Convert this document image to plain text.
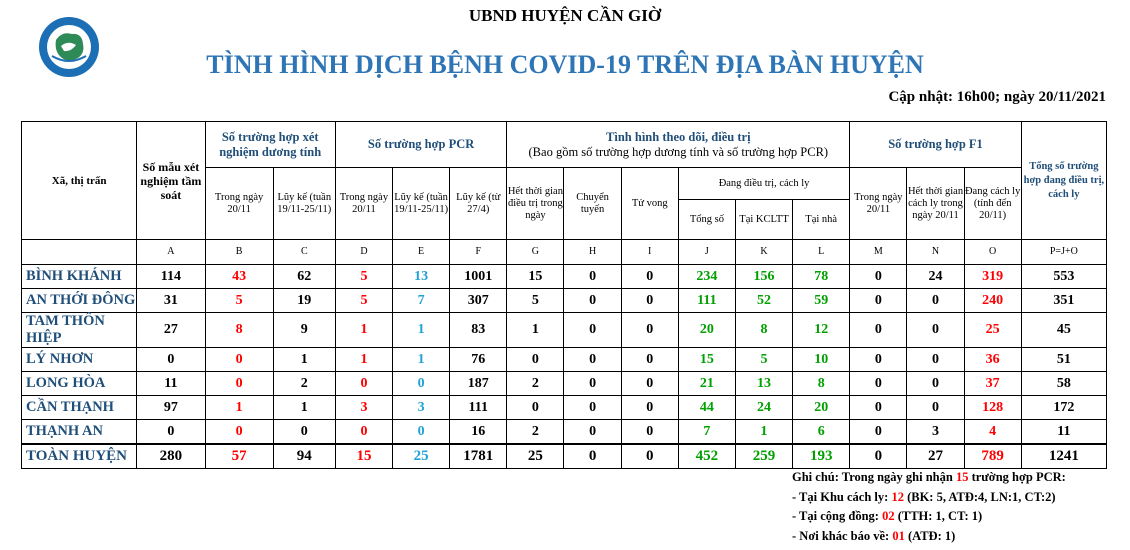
UBND HUYỆN CẦN GIỜ
TÌNH HÌNH DỊCH BỆNH COVID-19 TRÊN ĐỊA BÀN HUYỆN
Cập nhật: 16h00; ngày 20/11/2021
Xã, thị trấn	Số mẫu xét nghiệm tầm soát	Số trường hợp xét nghiệm dương tính		Số trường hợp PCR			Tình hình theo dõi, điều trị
(Bao gồm số trường hợp dương tính và số trường hợp PCR)						Số trường hợp F1			Tổng số trường hợp đang điều trị, cách ly
		Trong ngày 20/11	Lũy kế (tuần 19/11-25/11)	Trong ngày 20/11	Lũy kế (tuần 19/11-25/11)	Lũy kế (từ 27/4)	Hết thời gian điều trị trong ngày	Chuyển tuyến	Tử vong	Đang điều trị, cách ly			Trong ngày 20/11	Hết thời gian cách ly trong ngày 20/11	Đang cách ly (tính đến 20/11)	
										Tổng số	Tại KCLTT	Tại nhà				
	A	B	C	D	E	F	G	H	I	J	K	L	M	N	O	P=J+O
BÌNH KHÁNH	114	43	62	5	13	1001	15	0	0	234	156	78	0	24	319	553
AN THỚI ĐÔNG	31	5	19	5	7	307	5	0	0	111	52	59	0	0	240	351
TAM THÔN HIỆP	27	8	9	1	1	83	1	0	0	20	8	12	0	0	25	45
LÝ NHƠN	0	0	1	1	1	76	0	0	0	15	5	10	0	0	36	51
LONG HÒA	11	0	2	0	0	187	2	0	0	21	13	8	0	0	37	58
CẦN THẠNH	97	1	1	3	3	111	0	0	0	44	24	20	0	0	128	172
THẠNH AN	0	0	0	0	0	16	2	0	0	7	1	6	0	3	4	11
TOÀN HUYỆN	280	57	94	15	25	1781	25	0	0	452	259	193	0	27	789	1241
Ghi chú: Trong ngày ghi nhận 15 trường hợp PCR:
- Tại Khu cách ly: 12 (BK: 5, ATĐ:4, LN:1, CT:2)
- Tại cộng đồng: 02 (TTH: 1, CT: 1)
- Nơi khác báo về: 01 (ATĐ: 1)
